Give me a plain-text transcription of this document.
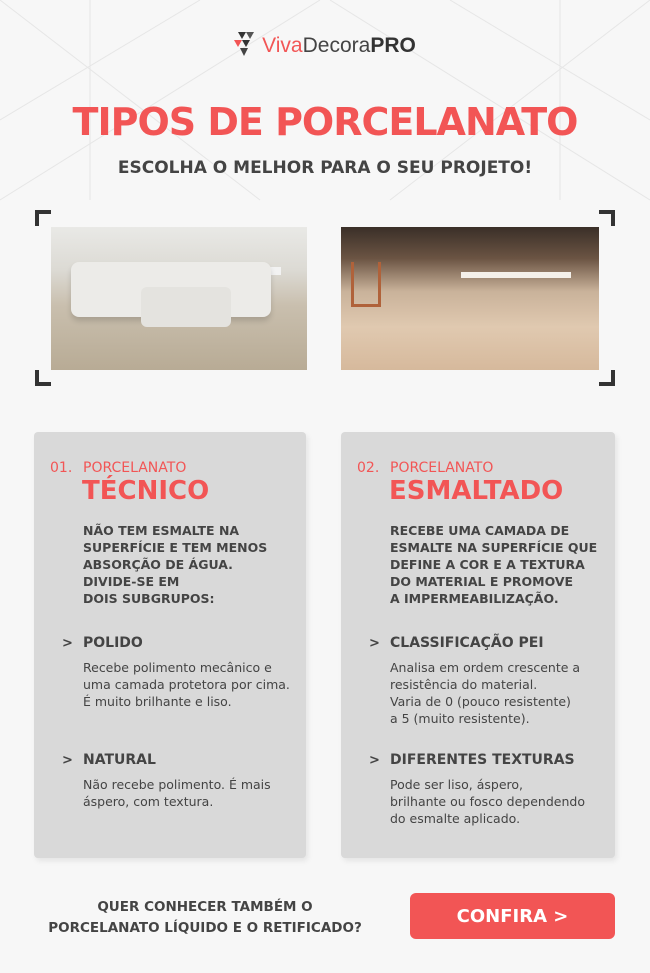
VivaDecoraPRO
TIPOS DE PORCELANATO
ESCOLHA O MELHOR PARA O SEU PROJETO!
01. PORCELANATO
TÉCNICO
NÃO TEM ESMALTE NA
SUPERFÍCIE E TEM MENOS
ABSORÇÃO DE ÁGUA.
DIVIDE-SE EM
DOIS SUBGRUPOS:
> POLIDO
Recebe polimento mecânico e
uma camada protetora por cima.
É muito brilhante e liso.
> NATURAL
Não recebe polimento. É mais
áspero, com textura.
02. PORCELANATO
ESMALTADO
RECEBE UMA CAMADA DE
ESMALTE NA SUPERFÍCIE QUE
DEFINE A COR E A TEXTURA
DO MATERIAL E PROMOVE
A IMPERMEABILIZAÇÃO.
> CLASSIFICAÇÃO PEI
Analisa em ordem crescente a
resistência do material.
Varia de 0 (pouco resistente)
a 5 (muito resistente).
> DIFERENTES TEXTURAS
Pode ser liso, áspero,
brilhante ou fosco dependendo
do esmalte aplicado.
QUER CONHECER TAMBÉM O
PORCELANATO LÍQUIDO E O RETIFICADO?
CONFIRA >
